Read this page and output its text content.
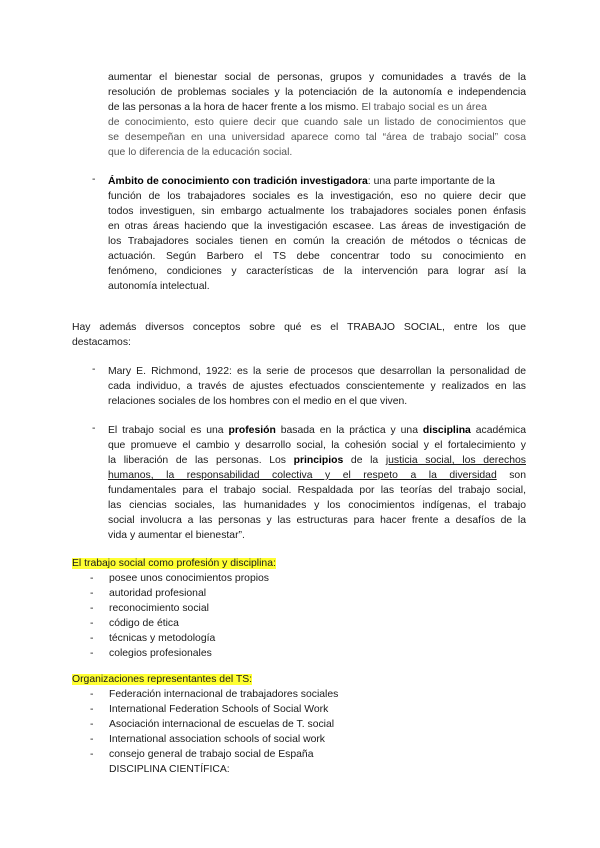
aumentar el bienestar social de personas, grupos y comunidades a través de la
resolución de problemas sociales y la potenciación de la autonomía e independencia
de las personas a la hora de hacer frente a los mismo. El trabajo social es un área
de conocimiento, esto quiere decir que cuando sale un listado de conocimientos que
se desempeñan en una universidad aparece como tal “área de trabajo social” cosa
que lo diferencia de la educación social.
-	Ámbito de conocimiento con tradición investigadora: una parte importante de la
función de los trabajadores sociales es la investigación, eso no quiere decir que
todos investiguen, sin embargo actualmente los trabajadores sociales ponen énfasis
en otras áreas haciendo que la investigación escasee. Las áreas de investigación de
los Trabajadores sociales tienen en común la creación de métodos o técnicas de
actuación. Según Barbero el TS debe concentrar todo su conocimiento en
fenómeno, condiciones y características de la intervención para lograr así la
autonomía intelectual.
Hay además diversos conceptos sobre qué es el TRABAJO SOCIAL, entre los que
destacamos:
-	Mary E. Richmond, 1922: es la serie de procesos que desarrollan la personalidad de
cada individuo, a través de ajustes efectuados conscientemente y realizados en las
relaciones sociales de los hombres con el medio en el que viven.
-	El trabajo social es una profesión basada en la práctica y una disciplina académica
que promueve el cambio y desarrollo social, la cohesión social y el fortalecimiento y
la liberación de las personas. Los principios de la justicia social, los derechos
humanos, la responsabilidad colectiva y el respeto a la diversidad son
fundamentales para el trabajo social. Respaldada por las teorías del trabajo social,
las ciencias sociales, las humanidades y los conocimientos indígenas, el trabajo
social involucra a las personas y las estructuras para hacer frente a desafíos de la
vida y aumentar el bienestar”.
El trabajo social como profesión y disciplina:
- posee unos conocimientos propios
- autoridad profesional
- reconocimiento social
- código de ética
- técnicas y metodología
- colegios profesionales
Organizaciones representantes del TS:
- Federación internacional de trabajadores sociales
- International Federation Schools of Social Work
- Asociación internacional de escuelas de T. social
- International association schools of social work
- consejo general de trabajo social de España
DISCIPLINA CIENTÍFICA:
